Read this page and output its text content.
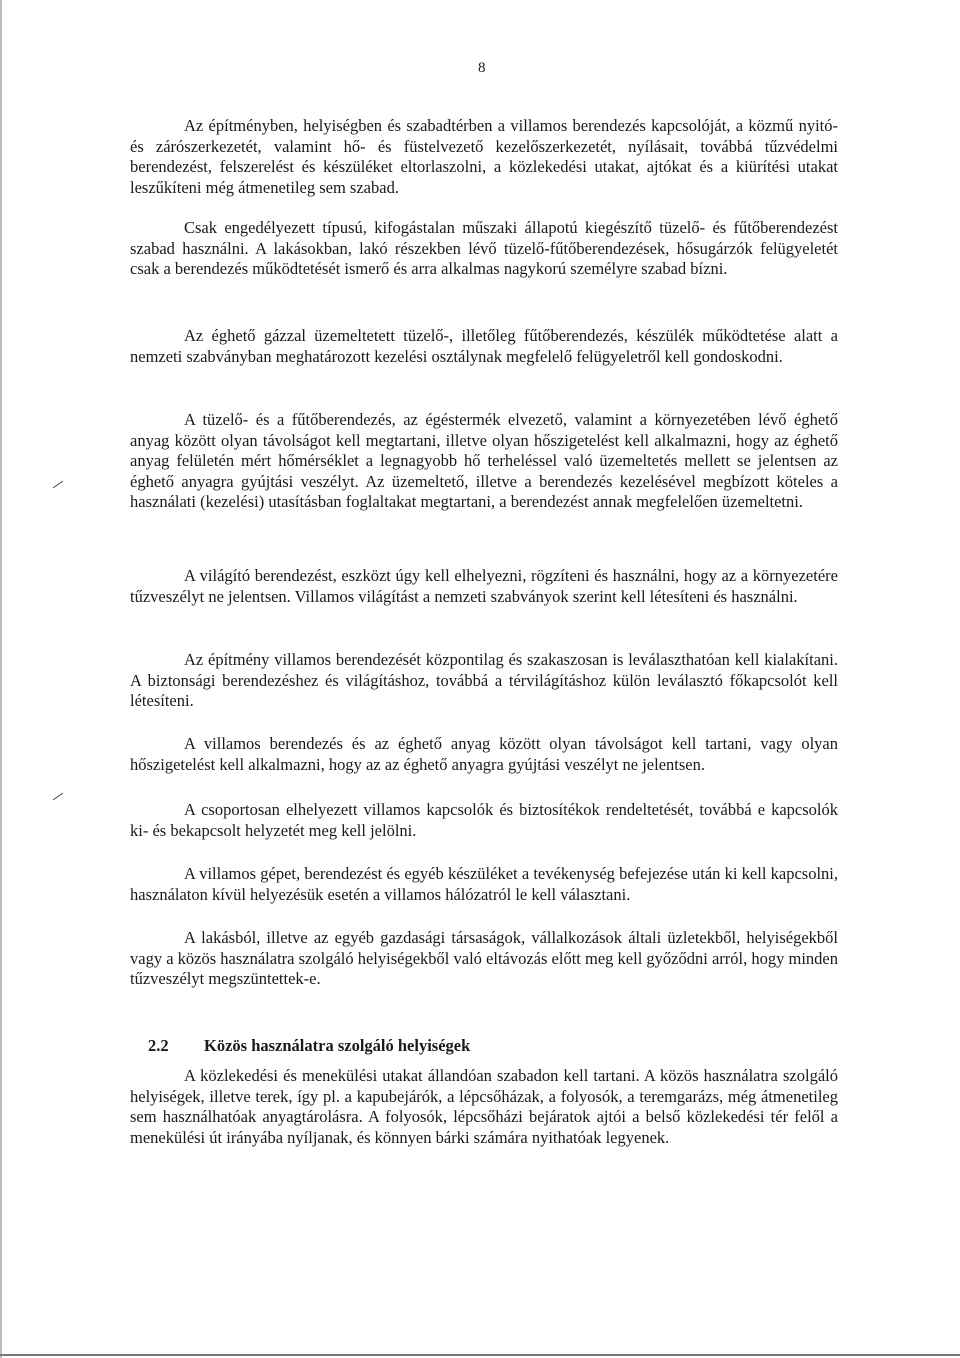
8

Az építményben, helyiségben és szabadtérben a villamos berendezés kapcsolóját, a közmű nyitó- és zárószerkezetét, valamint hő- és füstelvezető kezelőszerkezetét, nyílásait, továbbá tűzvédelmi berendezést, felszerelést és készüléket eltorlaszolni, a közlekedési utakat, ajtókat és a kiürítési utakat leszűkíteni még átmenetileg sem szabad.

Csak engedélyezett típusú, kifogástalan műszaki állapotú kiegészítő tüzelő- és fűtőberendezést szabad használni. A lakásokban, lakó részekben lévő tüzelő-fűtőberendezések, hősugárzók felügyeletét csak a berendezés működtetését ismerő és arra alkalmas nagykorú személyre szabad bízni.

Az éghető gázzal üzemeltetett tüzelő-, illetőleg fűtőberendezés, készülék működtetése alatt a nemzeti szabványban meghatározott kezelési osztálynak megfelelő felügyeletről kell gondoskodni.

A tüzelő- és a fűtőberendezés, az égéstermék elvezető, valamint a környezetében lévő éghető anyag között olyan távolságot kell megtartani, illetve olyan hőszigetelést kell alkalmazni, hogy az éghető anyag felületén mért hőmérséklet a legnagyobb hő terheléssel való üzemeltetés mellett se jelentsen az éghető anyagra gyújtási veszélyt. Az üzemeltető, illetve a berendezés kezelésével megbízott köteles a használati (kezelési) utasításban foglaltakat megtartani, a berendezést annak megfelelően üzemeltetni.

A világító berendezést, eszközt úgy kell elhelyezni, rögzíteni és használni, hogy az a környezetére tűzveszélyt ne jelentsen. Villamos világítást a nemzeti szabványok szerint kell létesíteni és használni.

Az építmény villamos berendezését központilag és szakaszosan is leválaszthatóan kell kialakítani. A biztonsági berendezéshez és világításhoz, továbbá a térvilágításhoz külön leválasztó főkapcsolót kell létesíteni.

A villamos berendezés és az éghető anyag között olyan távolságot kell tartani, vagy olyan hőszigetelést kell alkalmazni, hogy az az éghető anyagra gyújtási veszélyt ne jelentsen.

A csoportosan elhelyezett villamos kapcsolók és biztosítékok rendeltetését, továbbá e kapcsolók ki- és bekapcsolt helyzetét meg kell jelölni.

A villamos gépet, berendezést és egyéb készüléket a tevékenység befejezése után ki kell kapcsolni, használaton kívül helyezésük esetén a villamos hálózatról le kell választani.

A lakásból, illetve az egyéb gazdasági társaságok, vállalkozások általi üzletekből, helyiségekből vagy a közös használatra szolgáló helyiségekből való eltávozás előtt meg kell győződni arról, hogy minden tűzveszélyt megszüntettek-e.

2.2 Közös használatra szolgáló helyiségek

A közlekedési és menekülési utakat állandóan szabadon kell tartani. A közös használatra szolgáló helyiségek, illetve terek, így pl. a kapubejárók, a lépcsőházak, a folyosók, a teremgarázs, még átmenetileg sem használhatóak anyagtárolásra. A folyosók, lépcsőházi bejáratok ajtói a belső közlekedési tér felől a menekülési út irányába nyíljanak, és könnyen bárki számára nyithatóak legyenek.
